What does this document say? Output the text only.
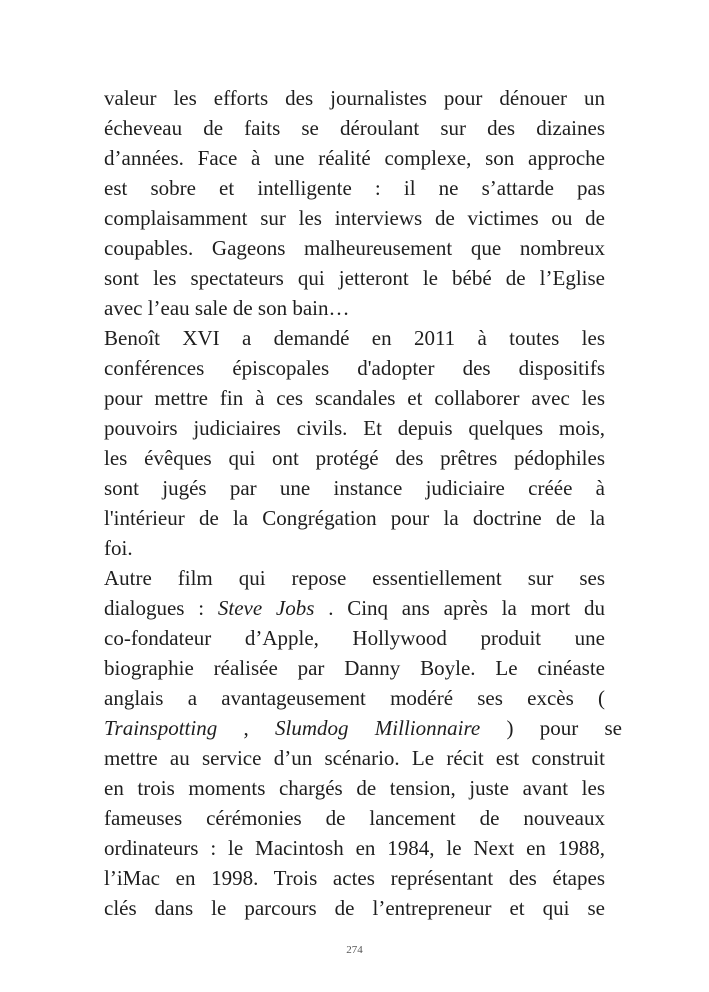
valeur les efforts des journalistes pour dénouer un
écheveau de faits se déroulant sur des dizaines
d’années. Face à une réalité complexe, son approche
est sobre et intelligente : il ne s’attarde pas
complaisamment sur les interviews de victimes ou de
coupables. Gageons malheureusement que nombreux
sont les spectateurs qui jetteront le bébé de l’Eglise
avec l’eau sale de son bain…
Benoît XVI a demandé en 2011 à toutes les
conférences épiscopales d'adopter des dispositifs
pour mettre fin à ces scandales et collaborer avec les
pouvoirs judiciaires civils. Et depuis quelques mois,
les évêques qui ont protégé des prêtres pédophiles
sont jugés par une instance judiciaire créée à
l'intérieur de la Congrégation pour la doctrine de la
foi.
Autre film qui repose essentiellement sur ses
dialogues : Steve Jobs . Cinq ans après la mort du
co-fondateur d’Apple, Hollywood produit une
biographie réalisée par Danny Boyle. Le cinéaste
anglais a avantageusement modéré ses excès (
Trainspotting , Slumdog Millionnaire ) pour se
mettre au service d’un scénario. Le récit est construit
en trois moments chargés de tension, juste avant les
fameuses cérémonies de lancement de nouveaux
ordinateurs : le Macintosh en 1984, le Next en 1988,
l’iMac en 1998. Trois actes représentant des étapes
clés dans le parcours de l’entrepreneur et qui se
274
